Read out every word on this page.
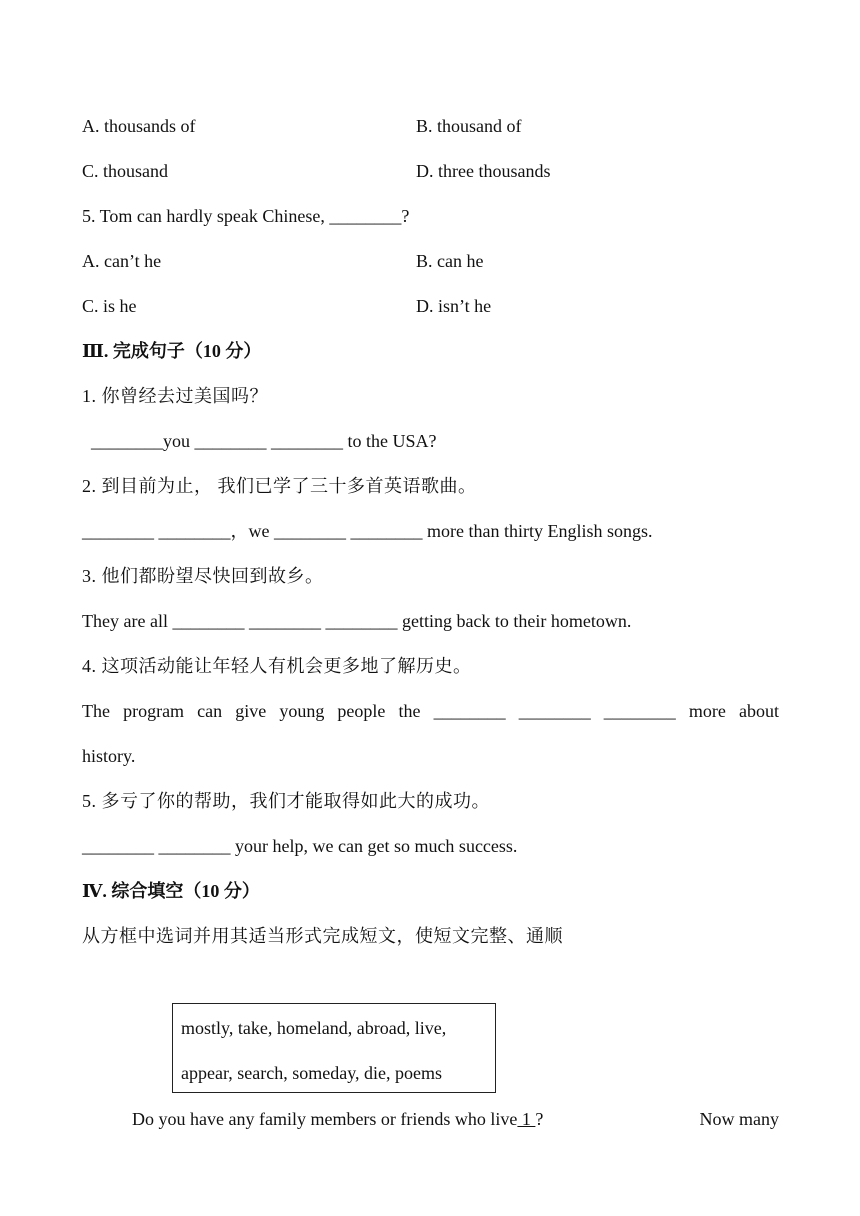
A. thousands of	B. thousand of
C. thousand	D. three thousands
5. Tom can hardly speak Chinese, ________?
A. can’t he	B. can he
C. is he	D. isn’t he
Ⅲ. 完成句子（10 分）
1. 你曾经去过美国吗？
________you ________ ________ to the USA?
2. 到目前为止， 我们已学了三十多首英语歌曲。
________ ________，we ________ ________ more than thirty English songs.
3. 他们都盼望尽快回到故乡。
They are all ________ ________ ________ getting back to their hometown.
4. 这项活动能让年轻人有机会更多地了解历史。
The program can give young people the ________ ________ ________ more about
history.
5. 多亏了你的帮助，我们才能取得如此大的成功。
________ ________ your help, we can get so much success.
Ⅳ. 综合填空（10 分）
从方框中选词并用其适当形式完成短文，使短文完整、通顺
mostly, take, homeland, abroad, live,
appear, search, someday, die, poems
Do you have any family members or friends who live 1 ?	Now many
